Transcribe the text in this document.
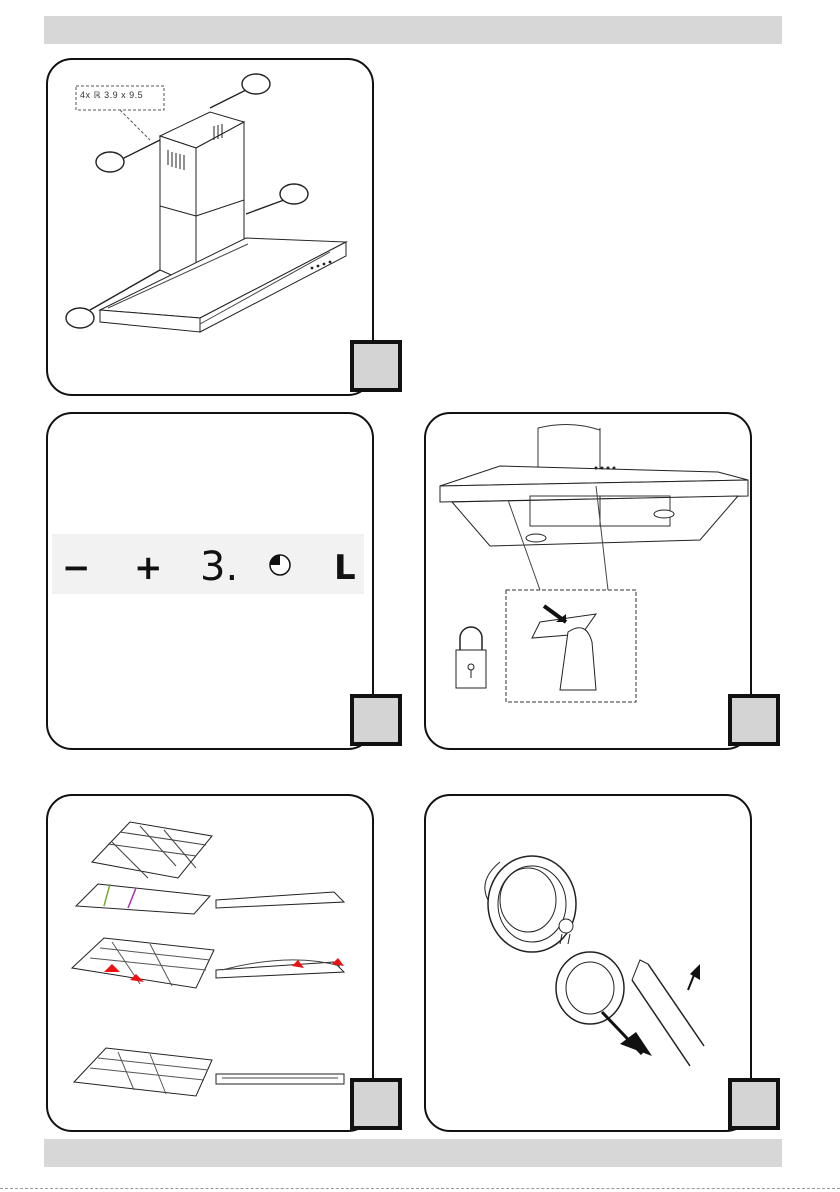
4x ℝ 3.9 x 9.5
− + 3.	L
